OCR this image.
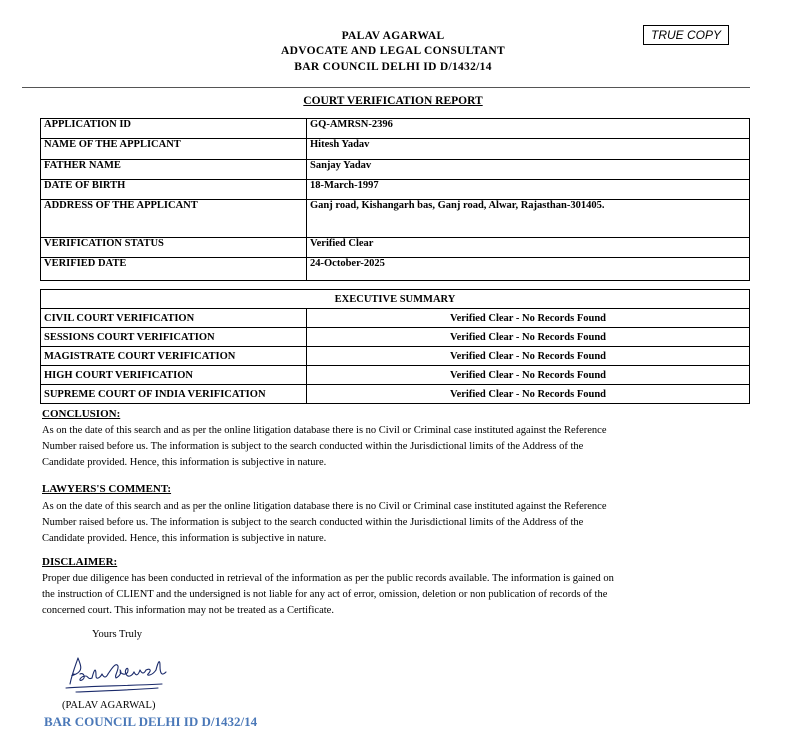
PALAV AGARWAL
ADVOCATE AND LEGAL CONSULTANT
BAR COUNCIL DELHI ID D/1432/14
TRUE COPY
COURT VERIFICATION REPORT
APPLICATION ID	GQ-AMRSN-2396
NAME OF THE APPLICANT	Hitesh Yadav
FATHER NAME	Sanjay Yadav
DATE OF BIRTH	18-March-1997
ADDRESS OF THE APPLICANT	Ganj road, Kishangarh bas, Ganj road, Alwar, Rajasthan-301405.
VERIFICATION STATUS	Verified Clear
VERIFIED DATE	24-October-2025
EXECUTIVE SUMMARY	
CIVIL COURT VERIFICATION	Verified Clear - No Records Found
SESSIONS COURT VERIFICATION	Verified Clear - No Records Found
MAGISTRATE COURT VERIFICATION	Verified Clear - No Records Found
HIGH COURT VERIFICATION	Verified Clear - No Records Found
SUPREME COURT OF INDIA VERIFICATION	Verified Clear - No Records Found
CONCLUSION:
As on the date of this search and as per the online litigation database there is no Civil or Criminal case instituted against the Reference
Number raised before us. The information is subject to the search conducted within the Jurisdictional limits of the Address of the
Candidate provided. Hence, this information is subjective in nature.
LAWYERS'S COMMENT:
As on the date of this search and as per the online litigation database there is no Civil or Criminal case instituted against the Reference
Number raised before us. The information is subject to the search conducted within the Jurisdictional limits of the Address of the
Candidate provided. Hence, this information is subjective in nature.
DISCLAIMER:
Proper due diligence has been conducted in retrieval of the information as per the public records available. The information is gained on
the instruction of CLIENT and the undersigned is not liable for any act of error, omission, deletion or non publication of records of the
concerned court. This information may not be treated as a Certificate.
Yours Truly
(PALAV AGARWAL)
BAR COUNCIL DELHI ID D/1432/14
